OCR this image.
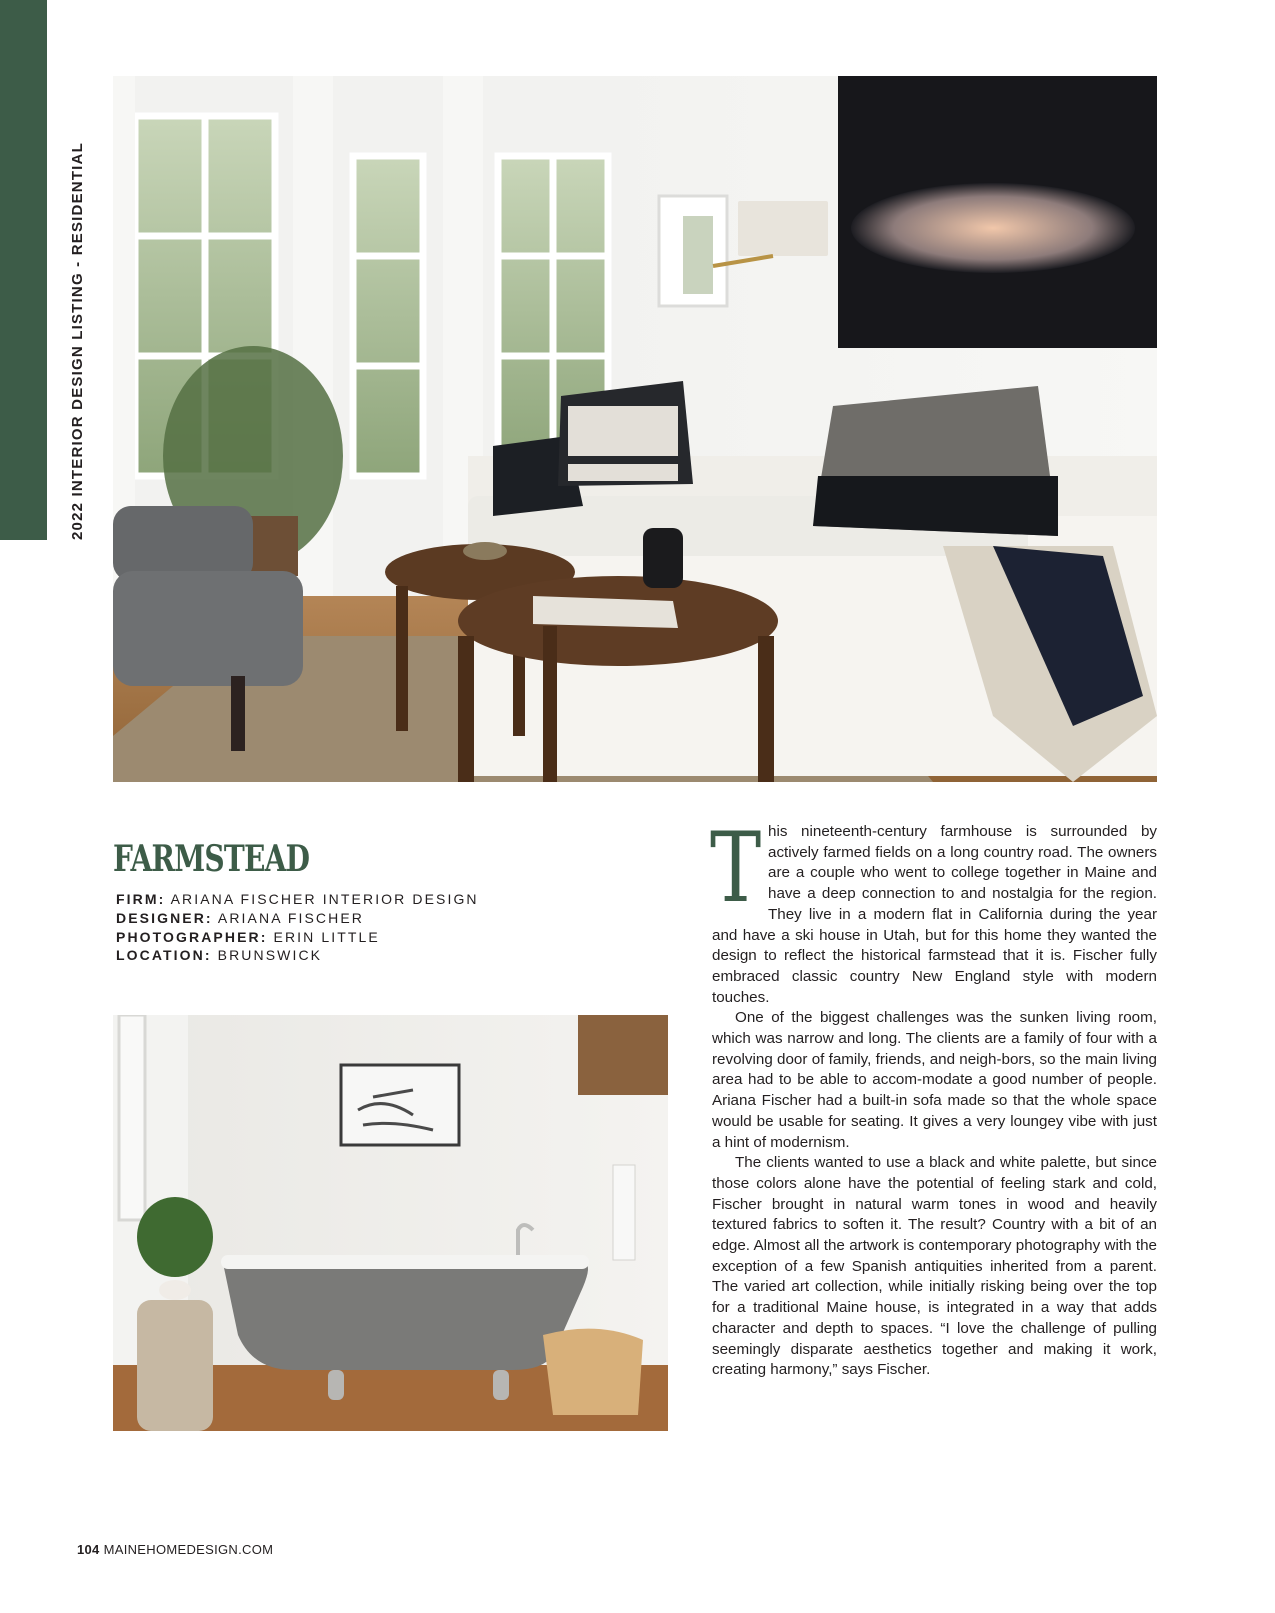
2022 INTERIOR DESIGN LISTING - RESIDENTIAL
FARMSTEAD
FIRM: ARIANA FISCHER INTERIOR DESIGN
DESIGNER: ARIANA FISCHER
PHOTOGRAPHER: ERIN LITTLE
LOCATION: BRUNSWICK
T his nineteenth-century farmhouse is surrounded by actively farmed fields on a long country road. The owners are a couple who went to college together in Maine and have a deep connection to and nostalgia for the region. They live in a modern flat in California during the year and have a ski house in Utah, but for this home they wanted the design to reflect the historical farmstead that it is. Fischer fully embraced classic country New England style with modern touches.

One of the biggest challenges was the sunken living room, which was narrow and long. The clients are a family of four with a revolving door of family, friends, and neigh-bors, so the main living area had to be able to accom-modate a good number of people. Ariana Fischer had a built-in sofa made so that the whole space would be usable for seating. It gives a very loungey vibe with just a hint of modernism.

The clients wanted to use a black and white palette, but since those colors alone have the potential of feeling stark and cold, Fischer brought in natural warm tones in wood and heavily textured fabrics to soften it. The result? Country with a bit of an edge. Almost all the artwork is contemporary photography with the exception of a few Spanish antiquities inherited from a parent. The varied art collection, while initially risking being over the top for a traditional Maine house, is integrated in a way that adds character and depth to spaces. “I love the challenge of pulling seemingly disparate aesthetics together and making it work, creating harmony,” says Fischer.

104 MAINEHOMEDESIGN.COM
